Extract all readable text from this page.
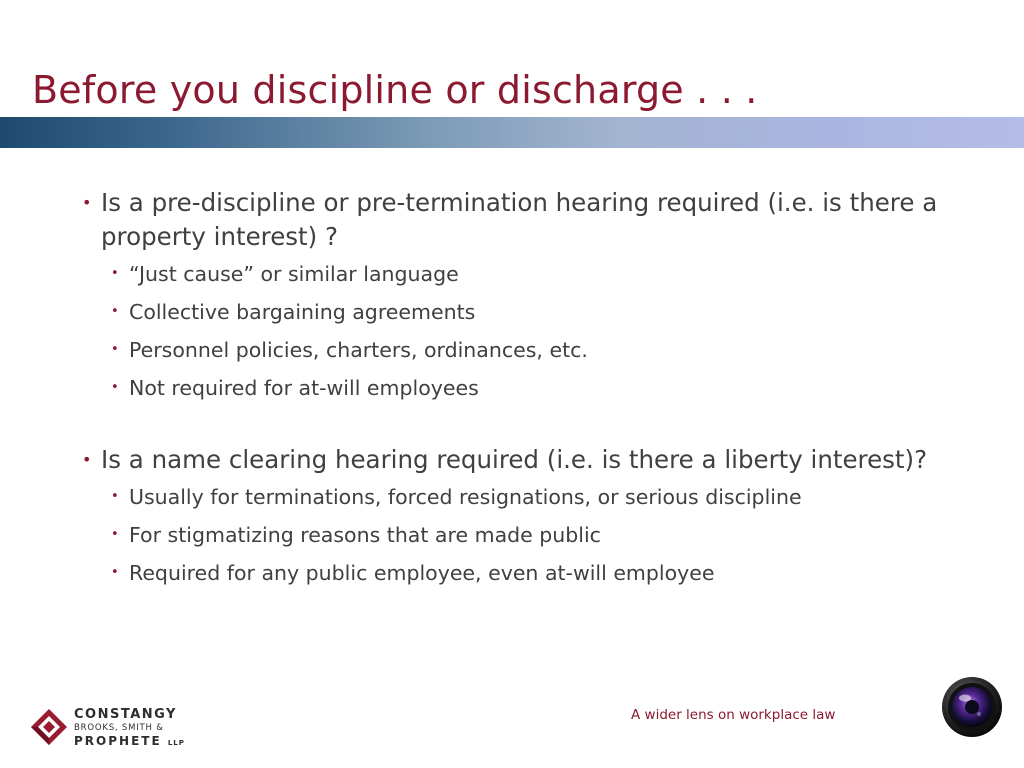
Before you discipline or discharge . . .
• Is a pre-discipline or pre-termination hearing required (i.e. is there a property interest) ?
• “Just cause” or similar language
• Collective bargaining agreements
• Personnel policies, charters, ordinances, etc.
• Not required for at-will employees
• Is a name clearing hearing required (i.e. is there a liberty interest)?
• Usually for terminations, forced resignations, or serious discipline
• For stigmatizing reasons that are made public
• Required for any public employee, even at-will employee
CONSTANGY
BROOKS, SMITH &
PROPHETE LLP
A wider lens on workplace law
